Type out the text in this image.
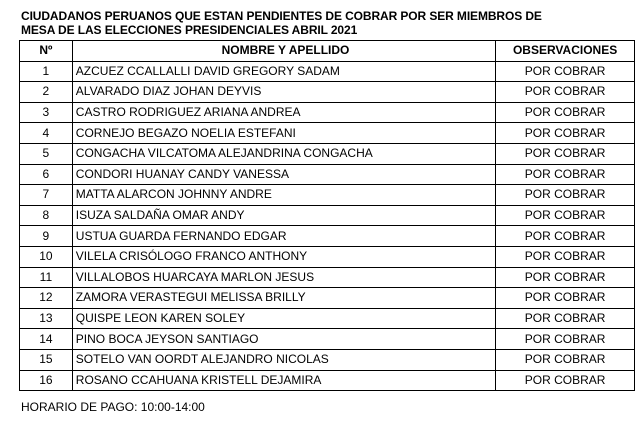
CIUDADANOS PERUANOS QUE ESTAN PENDIENTES DE COBRAR POR SER MIEMBROS DE
MESA DE LAS ELECCIONES PRESIDENCIALES ABRIL 2021
Nº	NOMBRE Y APELLIDO	OBSERVACIONES
1	AZCUEZ CCALLALLI DAVID GREGORY SADAM	POR COBRAR
2	ALVARADO DIAZ JOHAN DEYVIS	POR COBRAR
3	CASTRO RODRIGUEZ ARIANA ANDREA	POR COBRAR
4	CORNEJO BEGAZO NOELIA ESTEFANI	POR COBRAR
5	CONGACHA VILCATOMA ALEJANDRINA CONGACHA	POR COBRAR
6	CONDORI HUANAY CANDY VANESSA	POR COBRAR
7	MATTA ALARCON JOHNNY ANDRE	POR COBRAR
8	ISUZA SALDAÑA OMAR ANDY	POR COBRAR
9	USTUA GUARDA FERNANDO EDGAR	POR COBRAR
10	VILELA CRISÓLOGO FRANCO ANTHONY	POR COBRAR
11	VILLALOBOS HUARCAYA MARLON JESUS	POR COBRAR
12	ZAMORA VERASTEGUI MELISSA BRILLY	POR COBRAR
13	QUISPE LEON KAREN SOLEY	POR COBRAR
14	PINO BOCA JEYSON SANTIAGO	POR COBRAR
15	SOTELO VAN OORDT ALEJANDRO NICOLAS	POR COBRAR
16	ROSANO CCAHUANA KRISTELL DEJAMIRA	POR COBRAR
HORARIO DE PAGO: 10:00-14:00
